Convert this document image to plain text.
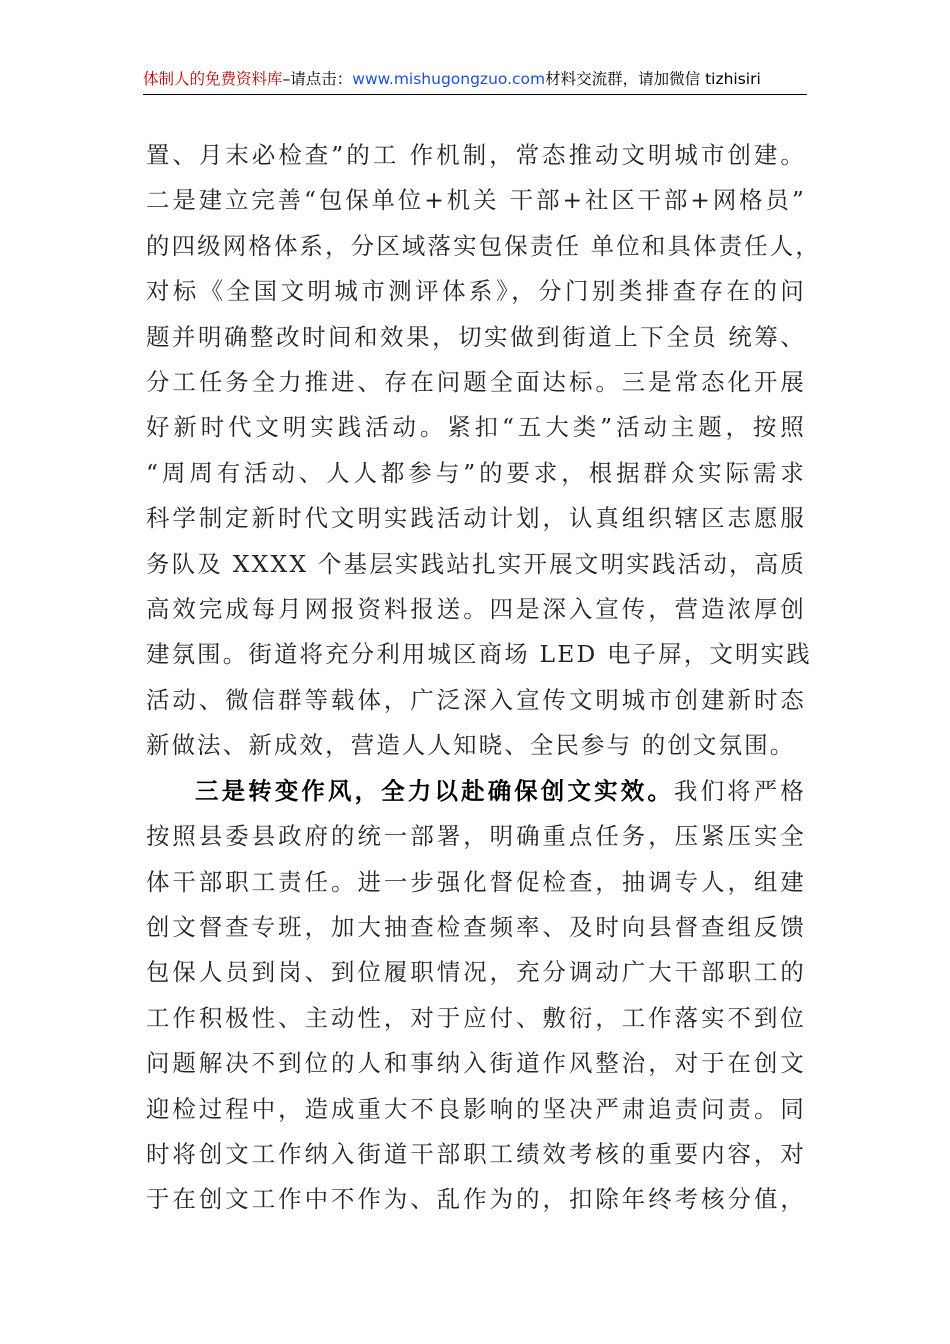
体制人的免费资料库–请点击：www.mishugongzuo.com材料交流群，请加微信 tizhisiri
置、月末必检查”的工 作机制，常态推动文明城市创建。
二是建立完善“包保单位+机关 干部+社区干部+网格员”
的四级网格体系，分区域落实包保责任 单位和具体责任人，
对标《全国文明城市测评体系》，分门别类排查存在的问
题并明确整改时间和效果，切实做到街道上下全员 统筹、
分工任务全力推进、存在问题全面达标。三是常态化开展
好新时代文明实践活动。紧扣“五大类”活动主题，按照
“周周有活动、人人都参与”的要求，根据群众实际需求
科学制定新时代文明实践活动计划，认真组织辖区志愿服
务队及 XXXX 个基层实践站扎实开展文明实践活动，高质
高效完成每月网报资料报送。四是深入宣传，营造浓厚创
建氛围。街道将充分利用城区商场 LED 电子屏，文明实践
活动、微信群等载体，广泛深入宣传文明城市创建新时态
新做法、新成效，营造人人知晓、全民参与 的创文氛围。
三是转变作风，全力以赴确保创文实效。我们将严格
按照县委县政府的统一部署，明确重点任务，压紧压实全
体干部职工责任。进一步强化督促检查，抽调专人，组建
创文督查专班，加大抽查检查频率、及时向县督查组反馈
包保人员到岗、到位履职情况，充分调动广大干部职工的
工作积极性、主动性，对于应付、敷衍，工作落实不到位
问题解决不到位的人和事纳入街道作风整治，对于在创文
迎检过程中，造成重大不良影响的坚决严肃追责问责。同
时将创文工作纳入街道干部职工绩效考核的重要内容，对
于在创文工作中不作为、乱作为的，扣除年终考核分值，
